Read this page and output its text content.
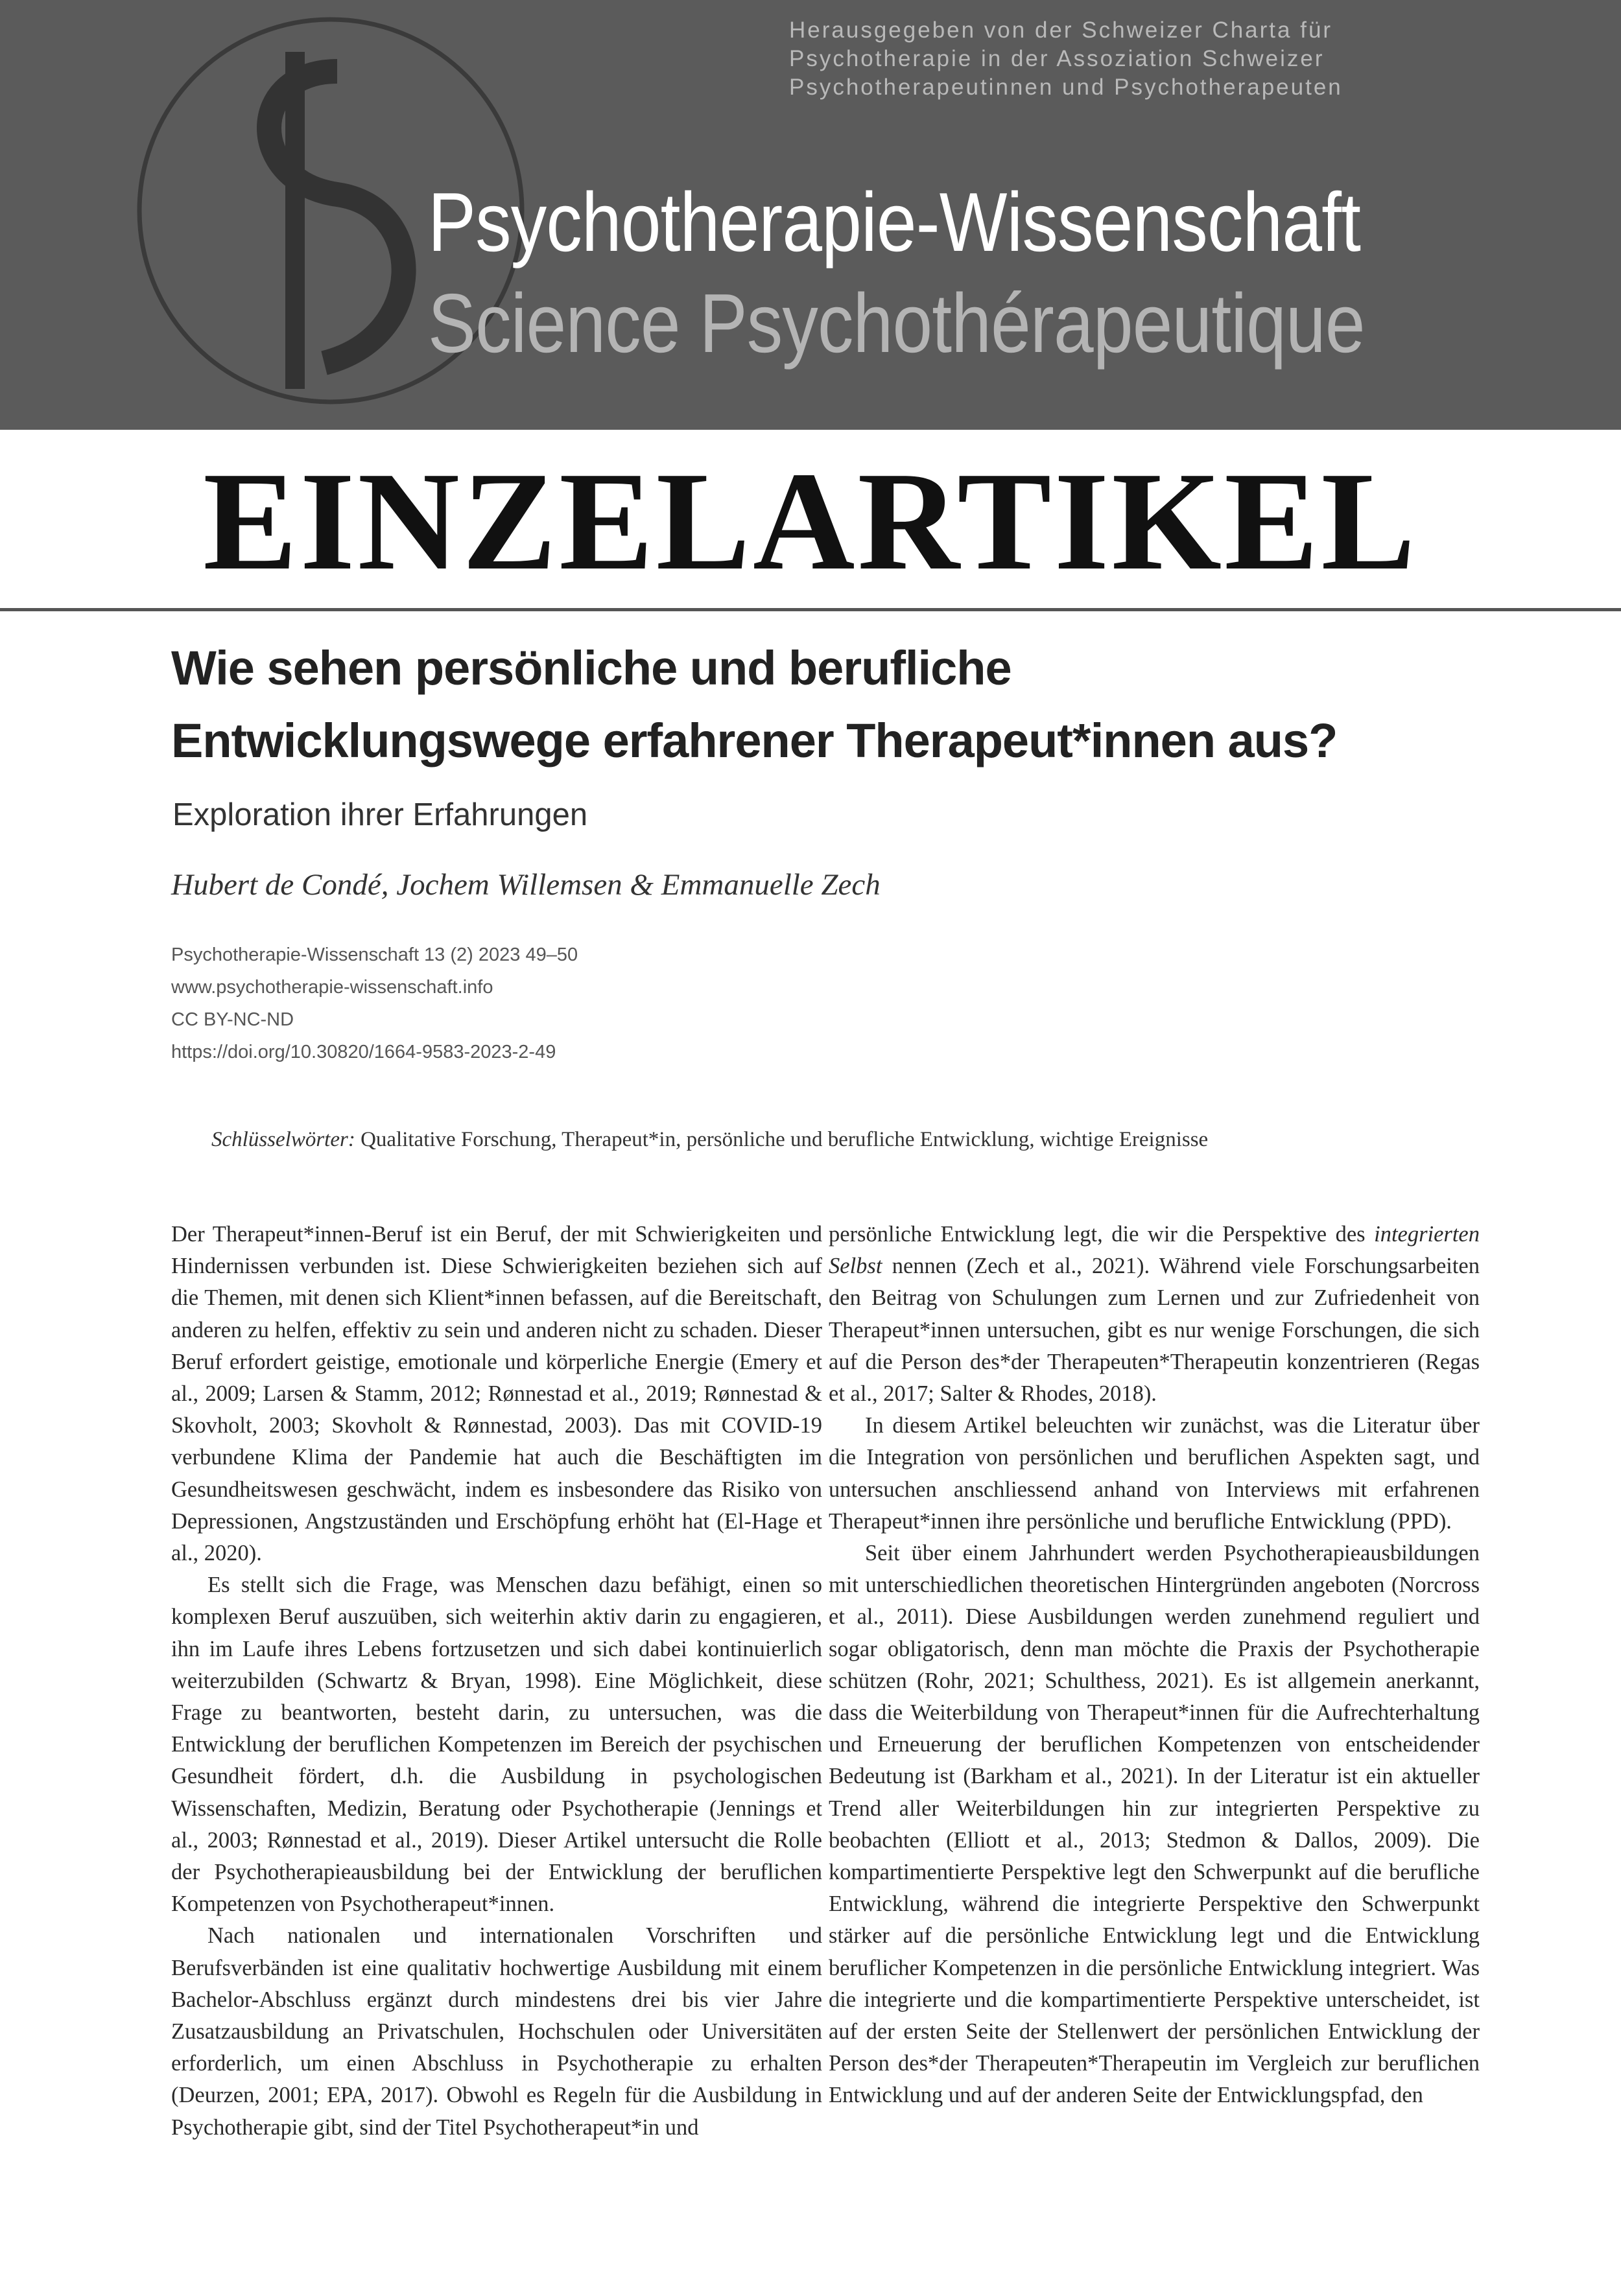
Herausgegeben von der Schweizer Charta für
Psychotherapie in der Assoziation Schweizer
Psychotherapeutinnen und Psychotherapeuten
Psychotherapie-Wissenschaft
Science Psychothérapeutique
EINZELARTIKEL
Wie sehen persönliche und berufliche
Entwicklungswege erfahrener Therapeut*innen aus?
Exploration ihrer Erfahrungen
Hubert de Condé, Jochem Willemsen & Emmanuelle Zech
Psychotherapie-Wissenschaft 13 (2) 2023 49–50
www.psychotherapie-wissenschaft.info
CC BY-NC-ND
https://doi.org/10.30820/1664-9583-2023-2-49
Schlüsselwörter: Qualitative Forschung, Therapeut*in, persönliche und berufliche Entwicklung, wichtige Ereignisse

Der Therapeut*innen-Beruf ist ein Beruf, der mit Schwierigkeiten und Hindernissen verbunden ist. Diese Schwierigkeiten beziehen sich auf die Themen, mit denen sich Klient*innen befassen, auf die Bereitschaft, anderen zu helfen, effektiv zu sein und anderen nicht zu schaden. Dieser Beruf erfordert geistige, emotionale und körperliche Energie (Emery et al., 2009; Larsen & Stamm, 2012; Rønnestad et al., 2019; Rønnestad & Skovholt, 2003; Skovholt & Rønnestad, 2003). Das mit COVID-19 verbundene Klima der Pandemie hat auch die Beschäftigten im Gesundheitswesen geschwächt, indem es insbesondere das Risiko von Depressionen, Angstzuständen und Erschöpfung erhöht hat (El-Hage et al., 2020).

Es stellt sich die Frage, was Menschen dazu befähigt, einen so komplexen Beruf auszuüben, sich weiterhin aktiv darin zu engagieren, ihn im Laufe ihres Lebens fortzusetzen und sich dabei kontinuierlich weiterzubilden (Schwartz & Bryan, 1998). Eine Möglichkeit, diese Frage zu beantworten, besteht darin, zu untersuchen, was die Entwicklung der beruflichen Kompetenzen im Bereich der psychischen Gesundheit fördert, d.h. die Ausbildung in psychologischen Wissenschaften, Medizin, Beratung oder Psychotherapie (Jennings et al., 2003; Rønnestad et al., 2019). Dieser Artikel untersucht die Rolle der Psychotherapieausbildung bei der Entwicklung der beruflichen Kompetenzen von Psychotherapeut*innen.

Nach nationalen und internationalen Vorschriften und Berufsverbänden ist eine qualitativ hochwertige Ausbildung mit einem Bachelor-Abschluss ergänzt durch mindestens drei bis vier Jahre Zusatzausbildung an Privatschulen, Hochschulen oder Universitäten erforderlich, um einen Abschluss in Psychotherapie zu erhalten (Deurzen, 2001; EPA, 2017). Obwohl es Regeln für die Ausbildung in Psychotherapie gibt, sind der Titel Psychotherapeut*in und

persönliche Entwicklung legt, die wir die Perspektive des integrierten Selbst nennen (Zech et al., 2021). Während viele Forschungsarbeiten den Beitrag von Schulungen zum Lernen und zur Zufriedenheit von Therapeut*innen untersuchen, gibt es nur wenige Forschungen, die sich auf die Person des*der Therapeuten*Therapeutin konzentrieren (Regas et al., 2017; Salter & Rhodes, 2018).

In diesem Artikel beleuchten wir zunächst, was die Literatur über die Integration von persönlichen und beruflichen Aspekten sagt, und untersuchen anschliessend anhand von Interviews mit erfahrenen Therapeut*innen ihre persönliche und berufliche Entwicklung (PPD).

Seit über einem Jahrhundert werden Psychotherapieausbildungen mit unterschiedlichen theoretischen Hintergründen angeboten (Norcross et al., 2011). Diese Ausbildungen werden zunehmend reguliert und sogar obligatorisch, denn man möchte die Praxis der Psychotherapie schützen (Rohr, 2021; Schulthess, 2021). Es ist allgemein anerkannt, dass die Weiterbildung von Therapeut*innen für die Aufrechterhaltung und Erneuerung der beruflichen Kompetenzen von entscheidender Bedeutung ist (Barkham et al., 2021). In der Literatur ist ein aktueller Trend aller Weiterbildungen hin zur integrierten Perspektive zu beobachten (Elliott et al., 2013; Stedmon & Dallos, 2009). Die kompartimentierte Perspektive legt den Schwerpunkt auf die berufliche Entwicklung, während die integrierte Perspektive den Schwerpunkt stärker auf die persönliche Entwicklung legt und die Entwicklung beruflicher Kompetenzen in die persönliche Entwicklung integriert. Was die integrierte und die kompartimentierte Perspektive unterscheidet, ist auf der ersten Seite der Stellenwert der persönlichen Entwicklung der Person des*der Therapeuten*Therapeutin im Vergleich zur beruflichen Entwicklung und auf der anderen Seite der Entwicklungspfad, den
